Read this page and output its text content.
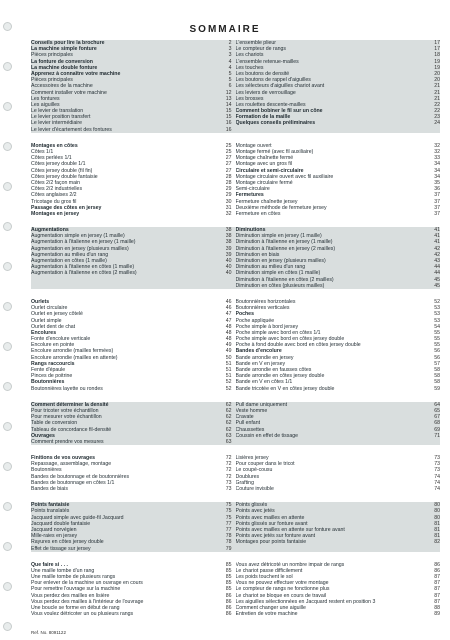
SOMMAIRE
Conseils pour lire la brochure	2
La machine simple fonture	3
Pièces principales	3
La fonture de conversion	4
La machine double fonture	4
Apprenez à connaître votre machine	5
Pièces principales	5
Accessoires de la machine	6
Comment installer votre machine	12
Les fontures	13
Les aiguilles	14
Le levier de translation	15
Le levier position transfert	15
Le levier intermédiaire	16
Le levier d'écartement des fontures	16
L'ensemble plieur	17
Le compteur de rangs	17
Les chariots	18
L'ensemble retenue-mailles	19
Les touches	19
Les boutons de densité	20
Les boutons de rappel d'aiguilles	20
Les sélecteurs d'aiguilles chariot avant	21
Les leviers de verrouillage	21
Les brosses	21
Les roulettes descente-mailles	22
Comment bobiner le fil sur un cône	22
Formation de la maille	23
Quelques conseils préliminaires	24
Montages en côtes	25
Côtes 1/1	25
Côtes perlées 1/1	27
Côtes jersey double 1/1	27
Côtes jersey double (fil fin)	27
Côtes jersey double fantaisie	28
Côtes 2/2 façon main	28
Côtes 2/2 industrielles	29
Côtes anglaises 2/2	29
Tricotage du gros fil	30
Passage des côtes en jersey	31
Montages en jersey	32
Montage ouvert	32
Montage fermé (avec fil auxiliaire)	32
Montage chaînette fermé	33
Montage avec un gros fil	34
Circulaire et semi-circulaire	34
Montage circulaire ouvert avec fil auxiliaire	34
Montage circulaire fermé	35
Semi-circulaire	36
Fermetures	37
Fermeture chaînette jersey	37
Deuxième méthode de fermeture jersey	37
Fermeture en côtes	37
Augmentations	38
Augmentation simple en jersey (1 maille)	38
Augmentation à l'italienne en jersey (1 maille)	38
Augmentation en jersey (plusieurs mailles)	39
Augmentation au milieu d'un rang	39
Augmentation en côtes (1 maille)	40
Augmentation à l'italienne en côtes (1 maille)	40
Augmentation à l'italienne en côtes (2 mailles)	40
Diminutions	41
Diminution simple en jersey (1 maille)	41
Diminution à l'italienne en jersey (1 maille)	41
Diminution à l'italienne en jersey (2 mailles)	42
Diminution en biais	42
Diminution en jersey (plusieurs mailles)	43
Diminution au milieu d'un rang	44
Diminution simple en côtes (1 maille)	44
Diminution à l'italienne en côtes (2 mailles)	45
Diminution en côtes (plusieurs mailles)	45
Ourlets	46
Ourlet circulaire	46
Ourlet en jersey côtelé	47
Ourlet simple	47
Ourlet dent de chat	48
Encolures	48
Fonte d'encolure verticale	48
Encolure en pointe	49
Encolure arrondie (mailles fermées)	49
Encolure arrondie (mailles en attente)	50
Rangs raccourcis	51
Fente d'épaule	51
Pinces de poitrine	51
Boutonnières	52
Boutonnières layette ou rondes	52
Boutonnières horizontales	52
Boutonnières verticales	53
Poches	53
Poche appliquée	53
Poche simple à bord jersey	54
Poche simple avec bord en côtes 1/1	55
Poche simple avec bord en côtes jersey double	55
Poche à fond double avec bord en côtes jersey double	55
Bandes d'encolure	56
Bande arrondie en jersey	56
Bande en V en jersey	57
Bande arrondie en fausses côtes	58
Bande arrondie en côtes jersey double	58
Bande en V en côtes 1/1	58
Bande tricotée en V en côtes jersey double	59
Comment déterminer la densité	62
Pour tricoter votre échantillon	62
Pour mesurer votre échantillon	62
Table de conversion	62
Tableau de concordance fil-densité	62
Ouvrages	63
Comment prendre vos mesures	63
Pull dame uniquement	64
Veste homme	65
Cravate	67
Pull enfant	68
Chaussettes	69
Coussin en effet de tissage	71
Finitions de vos ouvrages	72
Repassage, assemblage, montage	72
Boutonnières	72
Bandes de boutonnage et de boutonnières	72
Bandes de boutonnage en côtes 1/1	73
Bandes de biais	73
Lisières jersey	73
Pour couper dans le tricot	73
Le coupé-cousu	73
Doublures	74
Grafting	74
Couture invisible	74
Points fantaisie	75
Points translatés	75
Jacquard simple avec guide-fil Jacquard	75
Jacquard double fantaisie	77
Jacquard norvégien	77
Mille-raies en jersey	78
Rayures en côtes jersey double	78
Effet de tissage sur jersey	79
Points glissés	80
Points avec jetés	80
Points avec mailles en attente	80
Points glissés sur fonture avant	81
Points avec mailles en attente sur fonture avant	81
Points avec jetés sur fonture avant	81
Montages pour points fantaisie	82
Que faire si . . .	85
Une maille tombe d'un rang	85
Une maille tombe de plusieurs rangs	85
Pour enlever de la machine un ouvrage en cours	85
Pour remettre l'ouvrage sur la machine	85
Vous perdez des mailles en lisière	86
Vous perdez des mailles à l'intérieur de l'ouvrage	86
Une boucle se forme en début de rang	86
Vous voulez détricoter un ou plusieurs rangs	86
Vous avez détricoté un nombre impair de rangs	86
Le chariot passe difficilement	86
Les poids touchent le sol	87
Vous ne pouvez effectuer votre montage	87
Le compteur de rangs ne fonctionne plus	87
Le chariot se bloque en cours de travail	87
Les aiguilles sélectionnées en Jacquard restent en position 3	87
Comment changer une aiguille	88
Entretien de votre machine	89
Ref. No. 8091122
